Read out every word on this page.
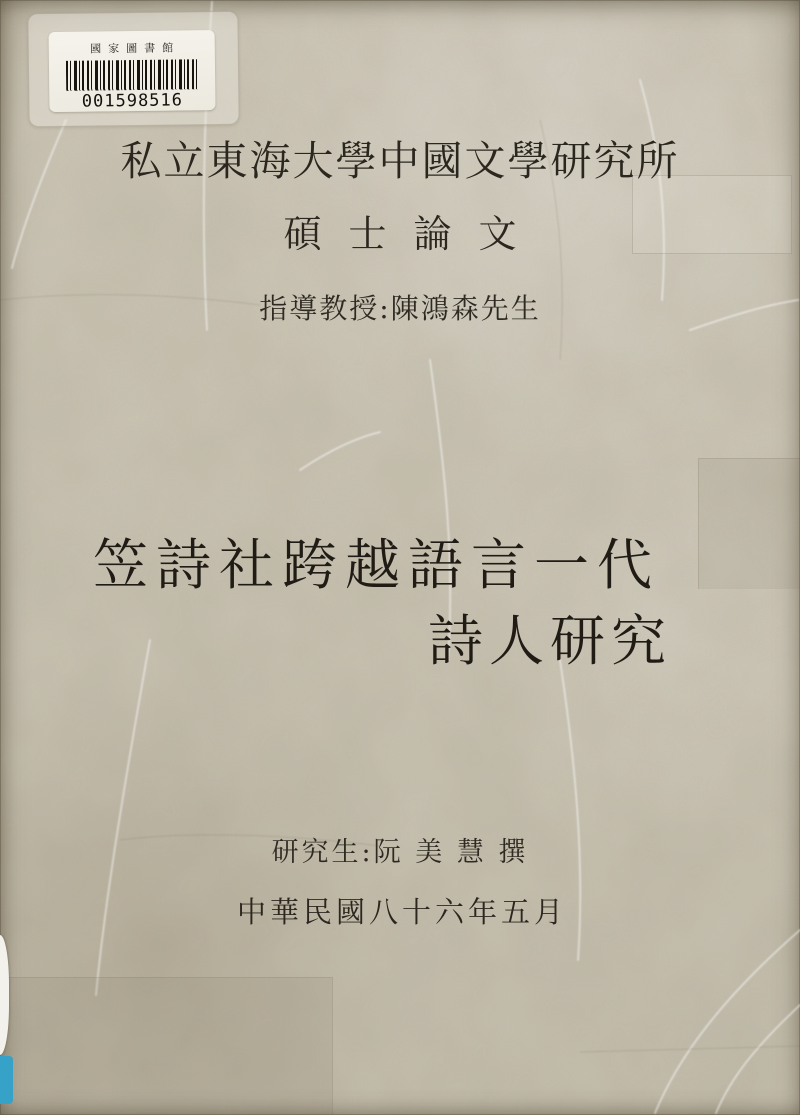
國家圖書館
001598516
私立東海大學中國文學研究所
碩士論文
指導教授:陳鴻森先生
笠詩社跨越語言一代
詩人研究
研究生:阮 美 慧 撰
中華民國八十六年五月
